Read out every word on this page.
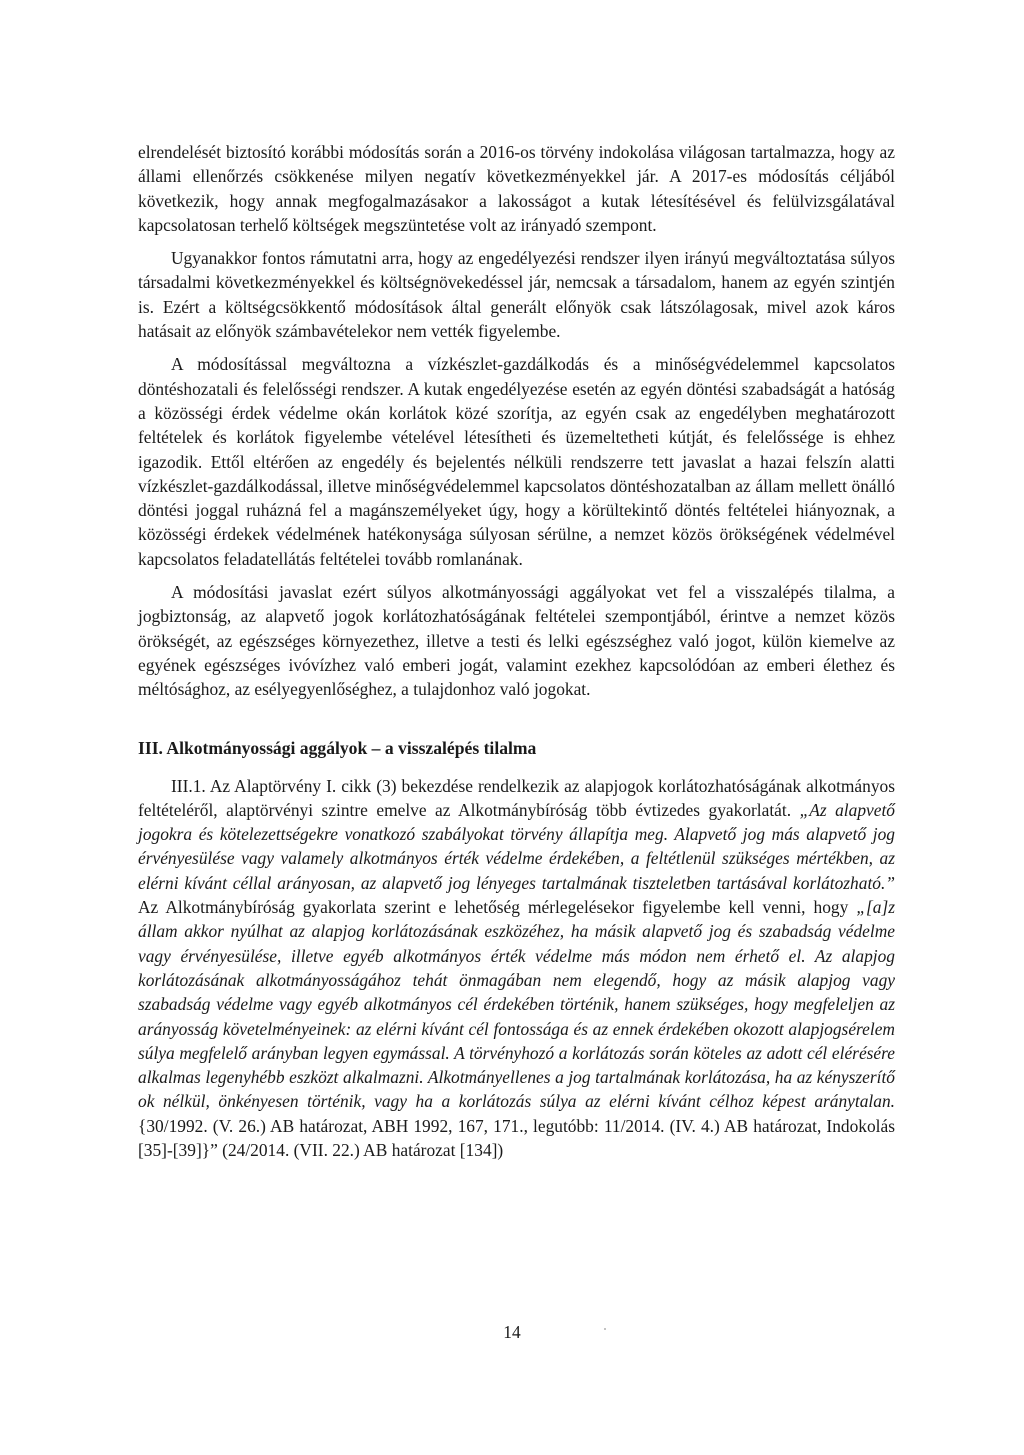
elrendelését biztosító korábbi módosítás során a 2016-os törvény indokolása világosan tartalmazza, hogy az állami ellenőrzés csökkenése milyen negatív következményekkel jár. A 2017-es módosítás céljából következik, hogy annak megfogalmazásakor a lakosságot a kutak létesítésével és felülvizsgálatával kapcsolatosan terhelő költségek megszüntetése volt az irányadó szempont.

Ugyanakkor fontos rámutatni arra, hogy az engedélyezési rendszer ilyen irányú megváltoztatása súlyos társadalmi következményekkel és költségnövekedéssel jár, nemcsak a társadalom, hanem az egyén szintjén is. Ezért a költségcsökkentő módosítások által generált előnyök csak látszólagosak, mivel azok káros hatásait az előnyök számbavételekor nem vették figyelembe.

A módosítással megváltozna a vízkészlet-gazdálkodás és a minőségvédelemmel kapcsolatos döntéshozatali és felelősségi rendszer. A kutak engedélyezése esetén az egyén döntési szabadságát a hatóság a közösségi érdek védelme okán korlátok közé szorítja, az egyén csak az engedélyben meghatározott feltételek és korlátok figyelembe vételével létesítheti és üzemeltetheti kútját, és felelőssége is ehhez igazodik. Ettől eltérően az engedély és bejelentés nélküli rendszerre tett javaslat a hazai felszín alatti vízkészlet-gazdálkodással, illetve minőségvédelemmel kapcsolatos döntéshozatalban az állam mellett önálló döntési joggal ruházná fel a magánszemélyeket úgy, hogy a körültekintő döntés feltételei hiányoznak, a közösségi érdekek védelmének hatékonysága súlyosan sérülne, a nemzet közös örökségének védelmével kapcsolatos feladatellátás feltételei tovább romlanának.

A módosítási javaslat ezért súlyos alkotmányossági aggályokat vet fel a visszalépés tilalma, a jogbiztonság, az alapvető jogok korlátozhatóságának feltételei szempontjából, érintve a nemzet közös örökségét, az egészséges környezethez, illetve a testi és lelki egészséghez való jogot, külön kiemelve az egyének egészséges ivóvízhez való emberi jogát, valamint ezekhez kapcsolódóan az emberi élethez és méltósághoz, az esélyegyenlőséghez, a tulajdonhoz való jogokat.

III. Alkotmányossági aggályok – a visszalépés tilalma

III.1. Az Alaptörvény I. cikk (3) bekezdése rendelkezik az alapjogok korlátozhatóságának alkotmányos feltételéről, alaptörvényi szintre emelve az Alkotmánybíróság több évtizedes gyakorlatát. „Az alapvető jogokra és kötelezettségekre vonatkozó szabályokat törvény állapítja meg. Alapvető jog más alapvető jog érvényesülése vagy valamely alkotmányos érték védelme érdekében, a feltétlenül szükséges mértékben, az elérni kívánt céllal arányosan, az alapvető jog lényeges tartalmának tiszteletben tartásával korlátozható.” Az Alkotmánybíróság gyakorlata szerint e lehetőség mérlegelésekor figyelembe kell venni, hogy „[a]z állam akkor nyúlhat az alapjog korlátozásának eszközéhez, ha másik alapvető jog és szabadság védelme vagy érvényesülése, illetve egyéb alkotmányos érték védelme más módon nem érhető el. Az alapjog korlátozásának alkotmányosságához tehát önmagában nem elegendő, hogy az másik alapjog vagy szabadság védelme vagy egyéb alkotmányos cél érdekében történik, hanem szükséges, hogy megfeleljen az arányosság követelményeinek: az elérni kívánt cél fontossága és az ennek érdekében okozott alapjogsérelem súlya megfelelő arányban legyen egymással. A törvényhozó a korlátozás során köteles az adott cél elérésére alkalmas legenyhébb eszközt alkalmazni. Alkotmányellenes a jog tartalmának korlátozása, ha az kényszerítő ok nélkül, önkényesen történik, vagy ha a korlátozás súlya az elérni kívánt célhoz képest aránytalan. {30/1992. (V. 26.) AB határozat, ABH 1992, 167, 171., legutóbb: 11/2014. (IV. 4.) AB határozat, Indokolás [35]-[39]}” (24/2014. (VII. 22.) AB határozat [134])

14
